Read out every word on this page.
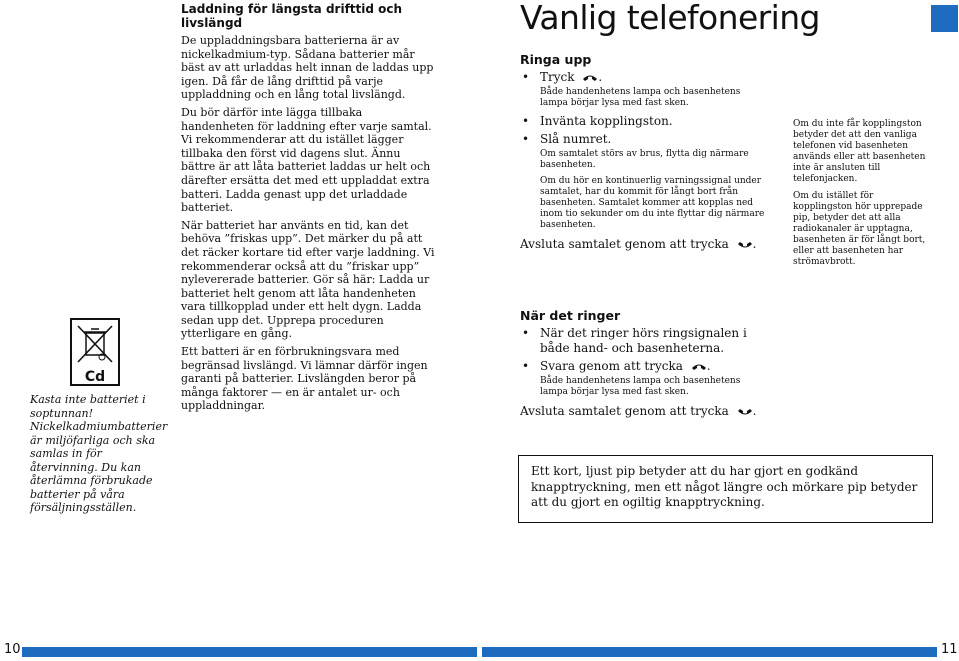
Cd
Kasta inte batteriet i soptunnan! Nickelkadmiumbatterier är miljöfarliga och ska samlas in för återvinning. Du kan återlämna förbrukade batterier på våra försäljningsställen.
Laddning för längsta drifttid och livslängd

De uppladdningsbara batterierna är av nickelkadmium-typ. Sådana batterier mår bäst av att urladdas helt innan de laddas upp igen. Då får de lång drifttid på varje uppladdning och en lång total livslängd.

Du bör därför inte lägga tillbaka handenheten för laddning efter varje samtal. Vi rekommenderar att du istället lägger tillbaka den först vid dagens slut. Ännu bättre är att låta batteriet laddas ur helt och därefter ersätta det med ett uppladdat extra batteri. Ladda genast upp det urladdade batteriet.

När batteriet har använts en tid, kan det behöva ”friskas upp”. Det märker du på att det räcker kortare tid efter varje laddning. Vi rekommenderar också att du ”friskar upp” nylevererade batterier. Gör så här: Ladda ur batteriet helt genom att låta handenheten vara tillkopplad under ett helt dygn. Ladda sedan upp det. Upprepa proceduren ytterligare en gång.

Ett batteri är en förbrukningsvara med begränsad livslängd. Vi lämnar därför ingen garanti på batterier. Livslängden beror på många faktorer — en är antalet ur- och uppladdningar.

Vanlig telefonering
Ringa upp
• Tryck .
Både handenhetens lampa och basenhetens lampa börjar lysa med fast sken.
• Invänta kopplingston.
• Slå numret.
Om samtalet störs av brus, flytta dig närmare basenheten.
Om du hör en kontinuerlig varningssignal under samtalet, har du kommit för långt bort från basenheten. Samtalet kommer att kopplas ned inom tio sekunder om du inte flyttar dig närmare basenheten.
Avsluta samtalet genom att trycka .
När det ringer
• När det ringer hörs ringsignalen i både hand- och basenheterna.
• Svara genom att trycka .
Både handenhetens lampa och basenhetens lampa börjar lysa med fast sken.
Avsluta samtalet genom att trycka .

Om du inte får kopplingston betyder det att den vanliga telefonen vid basenheten används eller att basenheten inte är ansluten till telefonjacken.

Om du istället för kopplingston hör upprepade pip, betyder det att alla radiokanaler är upptagna, basenheten är för långt bort, eller att basenheten har strömavbrott.

Ett kort, ljust pip betyder att du har gjort en godkänd knapptryckning, men ett något längre och mörkare pip betyder att du gjort en ogiltig knapptryckning.
10	11
